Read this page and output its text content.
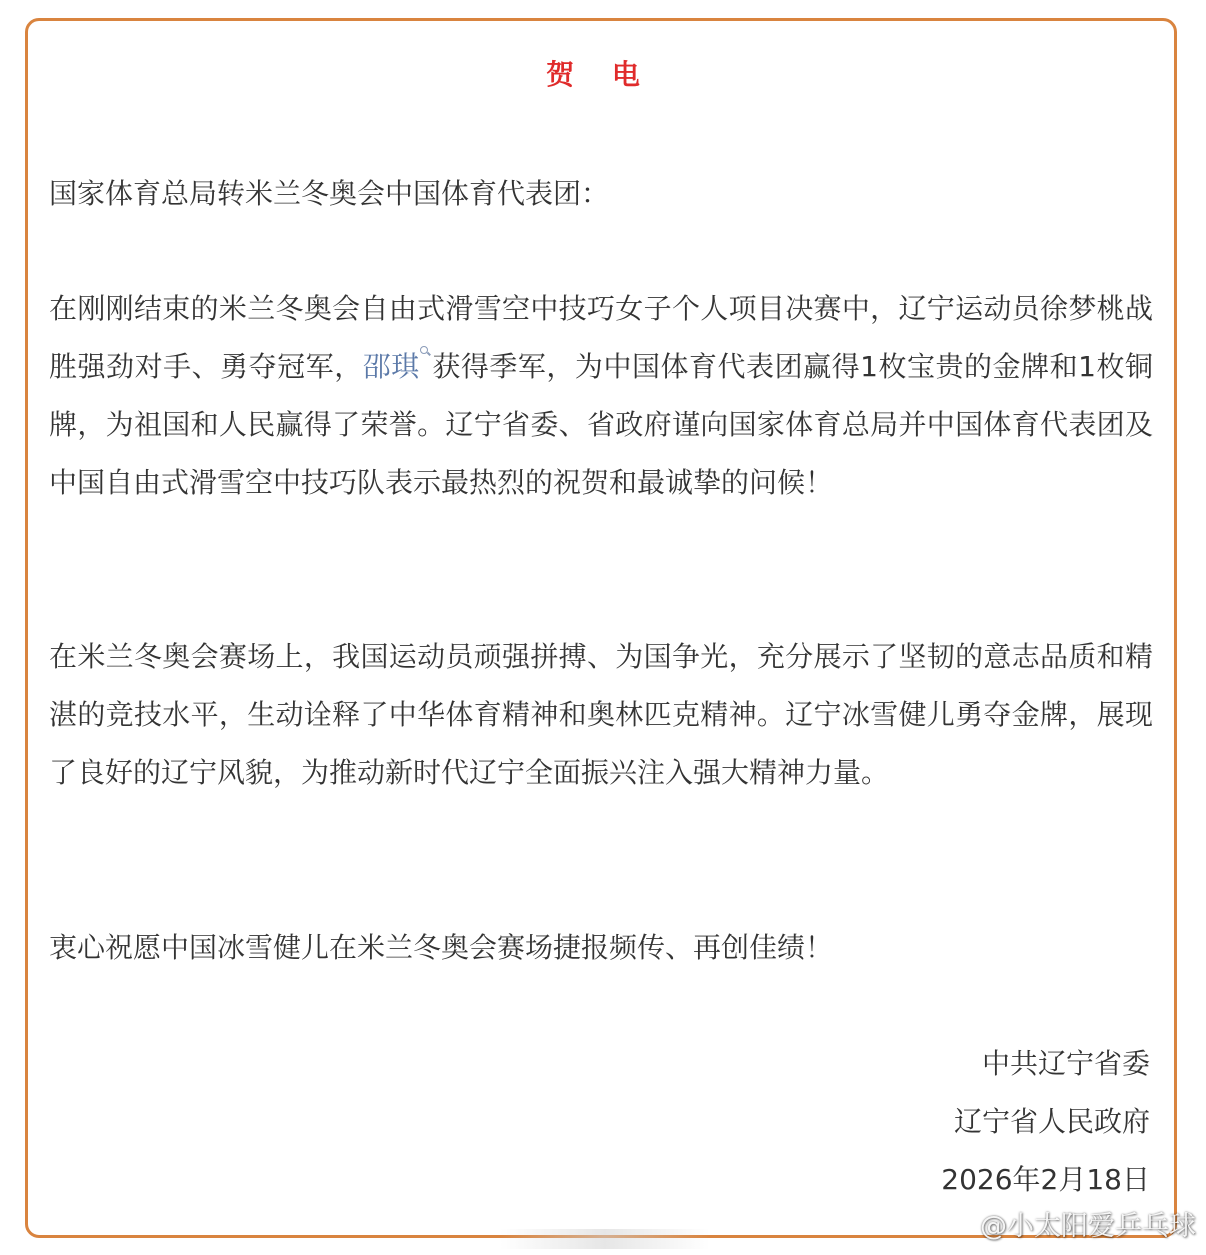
贺 电
国家体育总局转米兰冬奥会中国体育代表团：
在刚刚结束的米兰冬奥会自由式滑雪空中技巧女子个人项目决赛中，辽宁运动员徐梦桃战胜强劲对手、勇夺冠军，邵琪 获得季军，为中国体育代表团赢得1枚宝贵的金牌和1枚铜牌，为祖国和人民赢得了荣誉。辽宁省委、省政府谨向国家体育总局并中国体育代表团及中国自由式滑雪空中技巧队表示最热烈的祝贺和最诚挚的问候！
在米兰冬奥会赛场上，我国运动员顽强拼搏、为国争光，充分展示了坚韧的意志品质和精湛的竞技水平，生动诠释了中华体育精神和奥林匹克精神。辽宁冰雪健儿勇夺金牌，展现了良好的辽宁风貌，为推动新时代辽宁全面振兴注入强大精神力量。
衷心祝愿中国冰雪健儿在米兰冬奥会赛场捷报频传、再创佳绩！
中共辽宁省委
辽宁省人民政府
2026年2月18日
@小太阳爱乒乓球
